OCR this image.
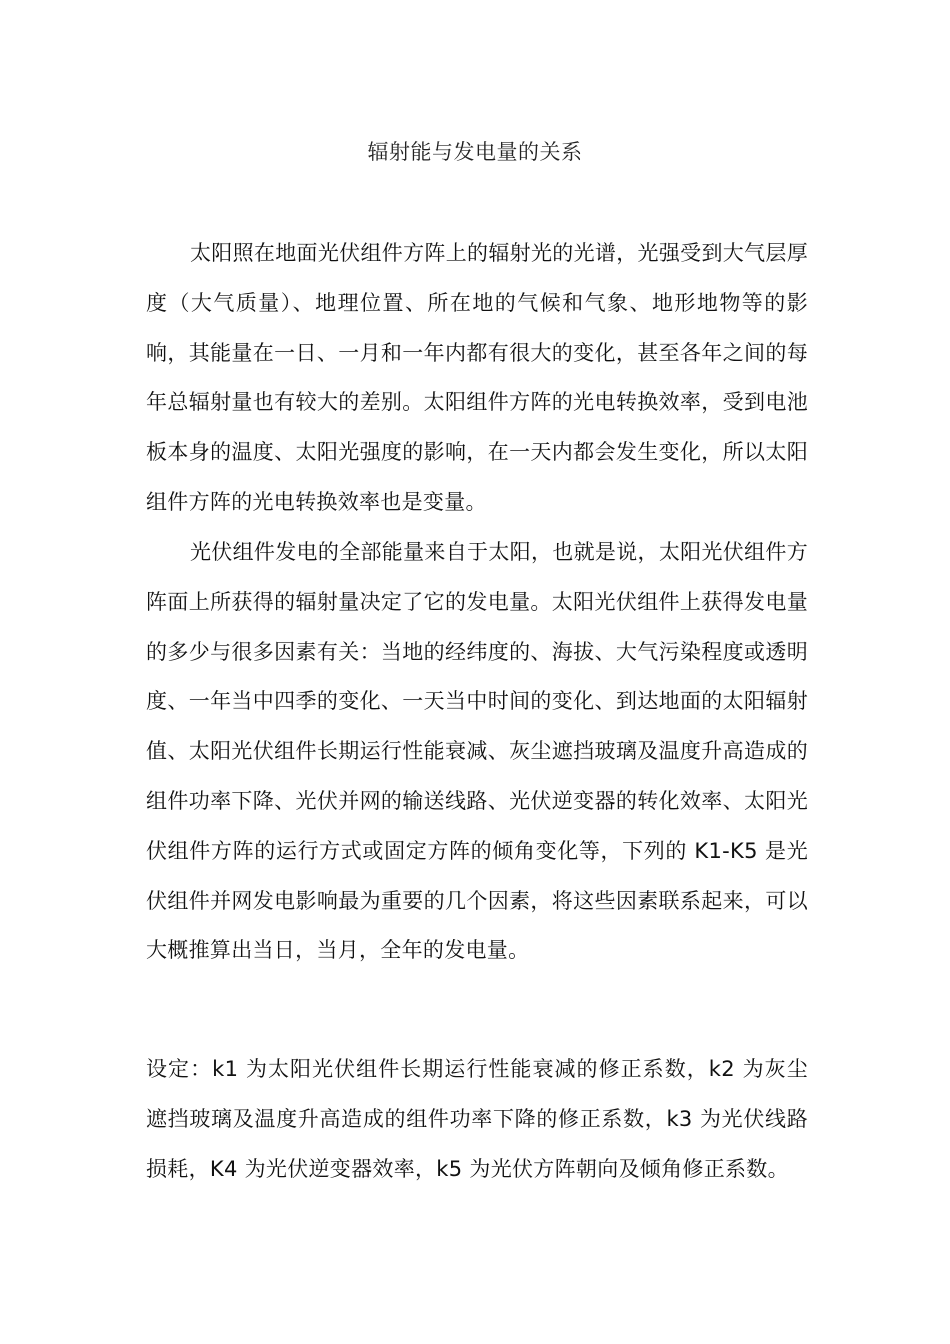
辐射能与发电量的关系

太阳照在地面光伏组件方阵上的辐射光的光谱，光强受到大气层厚度（大气质量）、地理位置、所在地的气候和气象、地形地物等的影响，其能量在一日、一月和一年内都有很大的变化，甚至各年之间的每年总辐射量也有较大的差别。太阳组件方阵的光电转换效率，受到电池板本身的温度、太阳光强度的影响，在一天内都会发生变化，所以太阳组件方阵的光电转换效率也是变量。

光伏组件发电的全部能量来自于太阳，也就是说，太阳光伏组件方阵面上所获得的辐射量决定了它的发电量。太阳光伏组件上获得发电量的多少与很多因素有关：当地的经纬度的、海拔、大气污染程度或透明度、一年当中四季的变化、一天当中时间的变化、到达地面的太阳辐射值、太阳光伏组件长期运行性能衰减、灰尘遮挡玻璃及温度升高造成的组件功率下降、光伏并网的输送线路、光伏逆变器的转化效率、太阳光伏组件方阵的运行方式或固定方阵的倾角变化等，下列的 K1-K5 是光伏组件并网发电影响最为重要的几个因素，将这些因素联系起来，可以大概推算出当日，当月，全年的发电量。

设定：k1 为太阳光伏组件长期运行性能衰减的修正系数，k2 为灰尘遮挡玻璃及温度升高造成的组件功率下降的修正系数，k3 为光伏线路损耗，K4 为光伏逆变器效率，k5 为光伏方阵朝向及倾角修正系数。
